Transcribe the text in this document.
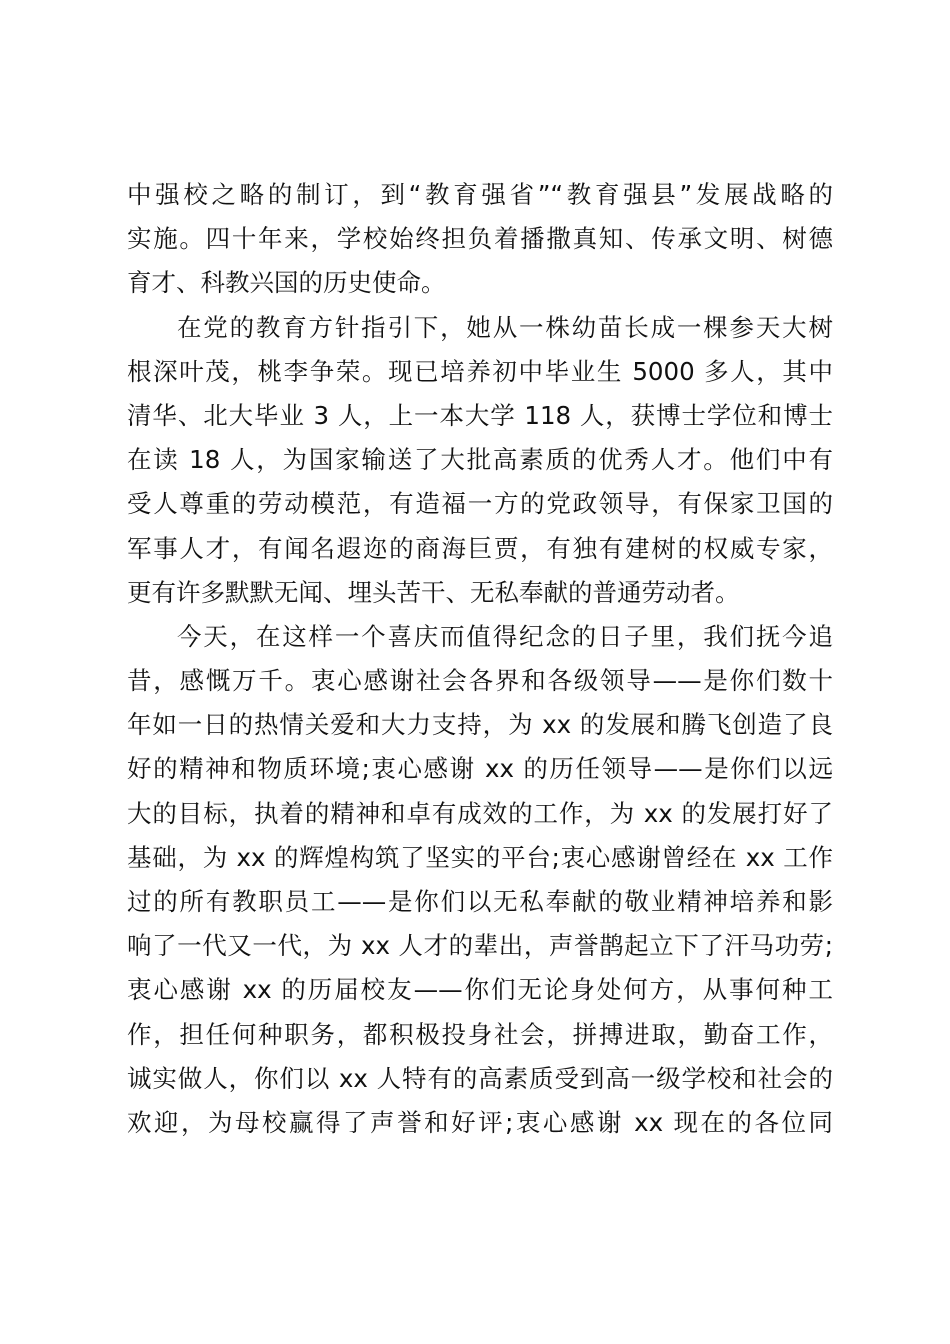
中强校之略的制订，到“教育强省”“教育强县”发展战略的
实施。四十年来，学校始终担负着播撒真知、传承文明、树德
育才、科教兴国的历史使命。
在党的教育方针指引下，她从一株幼苗长成一棵参天大树
根深叶茂，桃李争荣。现已培养初中毕业生 5000 多人，其中
清华、北大毕业 3 人，上一本大学 118 人，获博士学位和博士
在读 18 人，为国家输送了大批高素质的优秀人才。他们中有
受人尊重的劳动模范，有造福一方的党政领导，有保家卫国的
军事人才，有闻名遐迩的商海巨贾，有独有建树的权威专家，
更有许多默默无闻、埋头苦干、无私奉献的普通劳动者。
今天，在这样一个喜庆而值得纪念的日子里，我们抚今追
昔，感慨万千。衷心感谢社会各界和各级领导——是你们数十
年如一日的热情关爱和大力支持，为 xx 的发展和腾飞创造了良
好的精神和物质环境;衷心感谢 xx 的历任领导——是你们以远
大的目标，执着的精神和卓有成效的工作，为 xx 的发展打好了
基础，为 xx 的辉煌构筑了坚实的平台;衷心感谢曾经在 xx 工作
过的所有教职员工——是你们以无私奉献的敬业精神培养和影
响了一代又一代，为 xx 人才的辈出，声誉鹊起立下了汗马功劳;
衷心感谢 xx 的历届校友——你们无论身处何方，从事何种工
作，担任何种职务，都积极投身社会，拼搏进取，勤奋工作，
诚实做人，你们以 xx 人特有的高素质受到高一级学校和社会的
欢迎，为母校赢得了声誉和好评;衷心感谢 xx 现在的各位同
